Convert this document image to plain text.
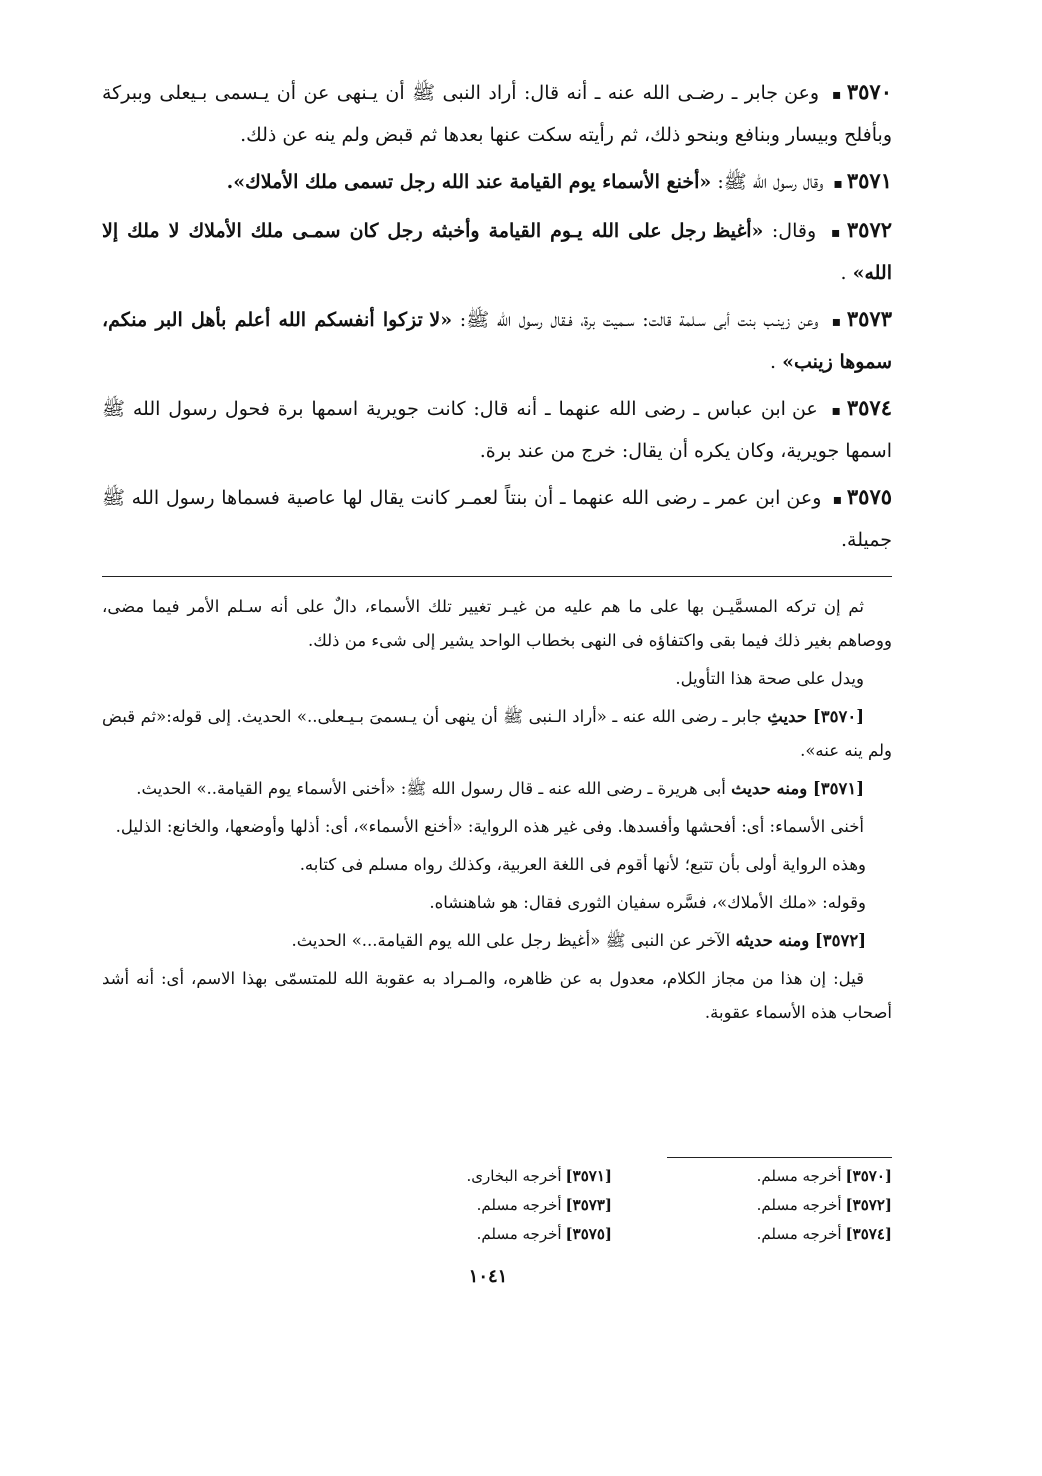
٣٥٧٠▪ وعن جابر ـ رضـى الله عنه ـ أنه قال: أراد النبى ﷺ أن يـنهى عن أن يـسمى بـيعلى وببركة وبأفلح وبيسار وبنافع وبنحو ذلك، ثم رأيته سكت عنها بعدها ثم قبض ولم ينه عن ذلك.

٣٥٧١▪ وقال رسول الله ﷺ: «أخنع الأسماء يوم القيامة عند الله رجل تسمى ملك الأملاك».

٣٥٧٢▪ وقال: «أغيظ رجل على الله يـوم القيامة وأخبثه رجل كان سمـى ملك الأملاك لا ملك إلا الله» .

٣٥٧٣▪ وعن زينـب بنت أبى سـلمة قالت: سـميت برة، فـقال رسول الله ﷺ: «لا تزكوا أنفسكم الله أعلم بأهل البر منكم، سموها زينب» .

٣٥٧٤▪ عن ابن عباس ـ رضى الله عنهما ـ أنه قال: كانت جويرية اسمها برة فحول رسول الله ﷺ اسمها جويرية، وكان يكره أن يقال: خرج من عند برة.

٣٥٧٥▪ وعن ابن عمر ـ رضى الله عنهما ـ أن بنتاً لعمـر كانت يقال لها عاصية فسماها رسول الله ﷺ جميلة.

ثم إن تركه المسمَّيـن بها على ما هم عليه من غيـر تغيير تلك الأسماء، دالٌ على أنه سـلم الأمر فيما مضى، ووصاهم بغير ذلك فيما بقى واكتفاؤه فى النهى بخطاب الواحد يشير إلى شىء من ذلك.

ويدل على صحة هذا التأويل.

[٣٥٧٠] حديثِ جابر ـ رضى الله عنه ـ «أراد الـنبى ﷺ أن ينهى أن يـسمىَ بـيـعلى..» الحديث. إلى قوله:«ثم قبض ولم ينه عنه».

[٣٥٧١] ومنه حديث أبى هريرة ـ رضى الله عنه ـ قال رسول الله ﷺ: «أخنى الأسماء يوم القيامة..» الحديث.

أخنى الأسماء: أى: أفحشها وأفسدها. وفى غير هذه الرواية: «أخنع الأسماء»، أى: أذلها وأوضعها، والخانع: الذليل.

وهذه الرواية أولى بأن تتبع؛ لأنها أقوم فى اللغة العربية، وكذلك رواه مسلم فى كتابه.

وقوله: «ملك الأملاك»، فسَّره سفيان الثورى فقال: هو شاهنشاه.

[٣٥٧٢] ومنه حديثه الآخر عن النبى ﷺ «أغيظ رجل على الله يوم القيامة...» الحديث.

قيل: إن هذا من مجاز الكلام، معدول به عن ظاهره، والمـراد به عقوبة الله للمتسمّى بهذا الاسم، أى: أنه أشد أصحاب هذه الأسماء عقوبة.

[٣٥٧٠]أخرجه مسلم.
[٣٥٧١]أخرجه البخارى.
[٣٥٧٢]أخرجه مسلم.
[٣٥٧٣]أخرجه مسلم.
[٣٥٧٤]أخرجه مسلم.
[٣٥٧٥]أخرجه مسلم.
١٠٤١
